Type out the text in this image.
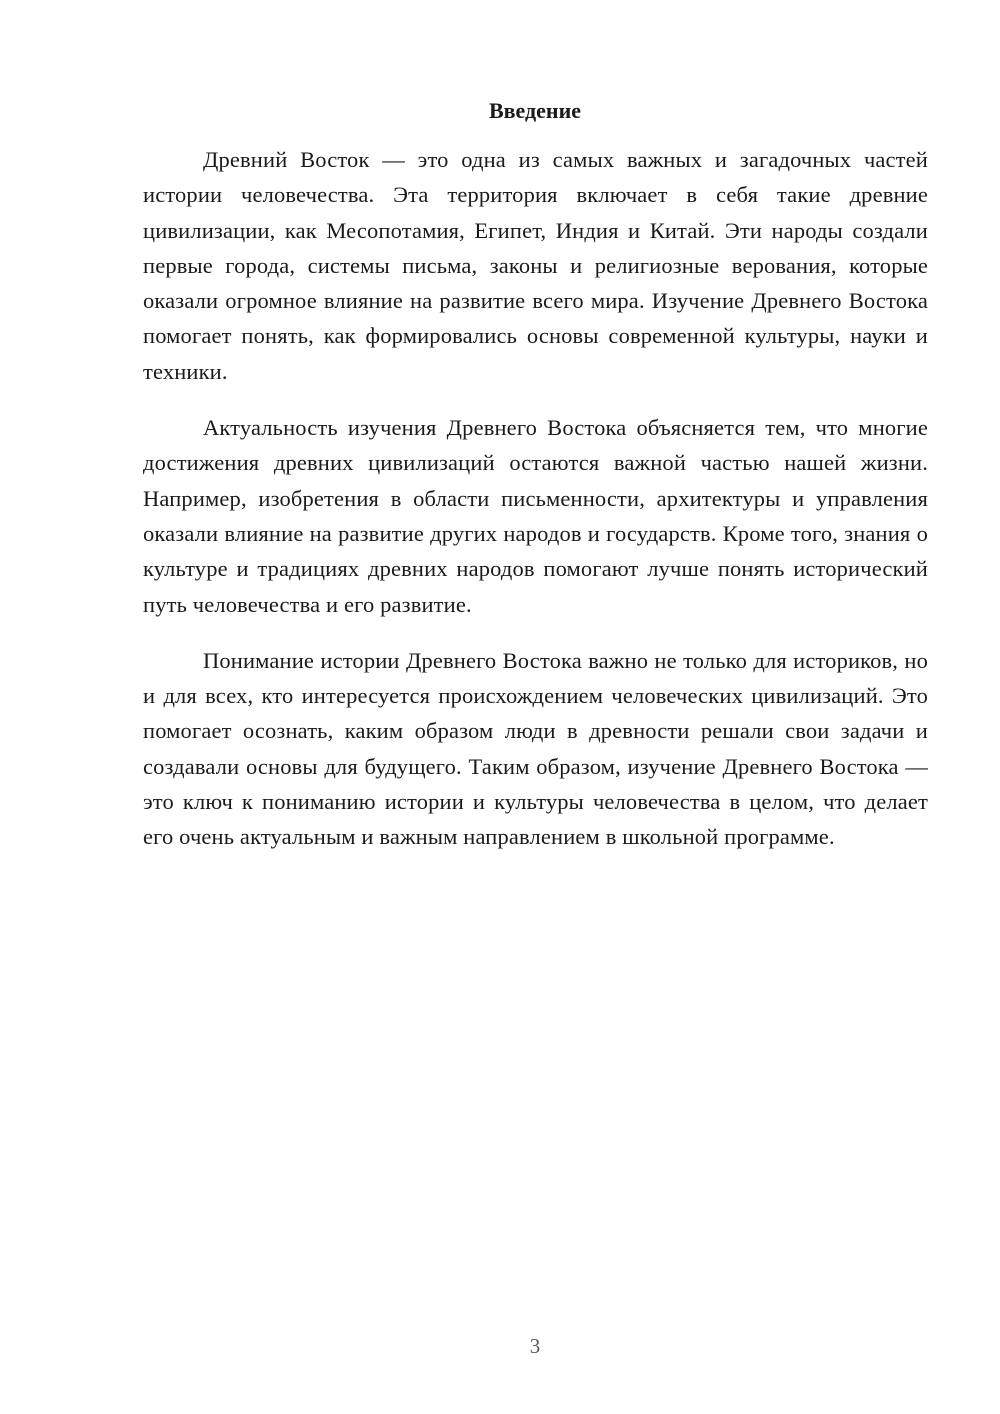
Введение

Древний Восток — это одна из самых важных и загадочных частей истории человечества. Эта территория включает в себя такие древние цивилизации, как Месопотамия, Египет, Индия и Китай. Эти народы создали первые города, системы письма, законы и религиозные верования, которые оказали огромное влияние на развитие всего мира. Изучение Древнего Востока помогает понять, как формировались основы современной культуры, науки и техники.

Актуальность изучения Древнего Востока объясняется тем, что многие достижения древних цивилизаций остаются важной частью нашей жизни. Например, изобретения в области письменности, архитектуры и управления оказали влияние на развитие других народов и государств. Кроме того, знания о культуре и традициях древних народов помогают лучше понять исторический путь человечества и его развитие.

Понимание истории Древнего Востока важно не только для историков, но и для всех, кто интересуется происхождением человеческих цивилизаций. Это помогает осознать, каким образом люди в древности решали свои задачи и создавали основы для будущего. Таким образом, изучение Древнего Востока — это ключ к пониманию истории и культуры человечества в целом, что делает его очень актуальным и важным направлением в школьной программе.

3
